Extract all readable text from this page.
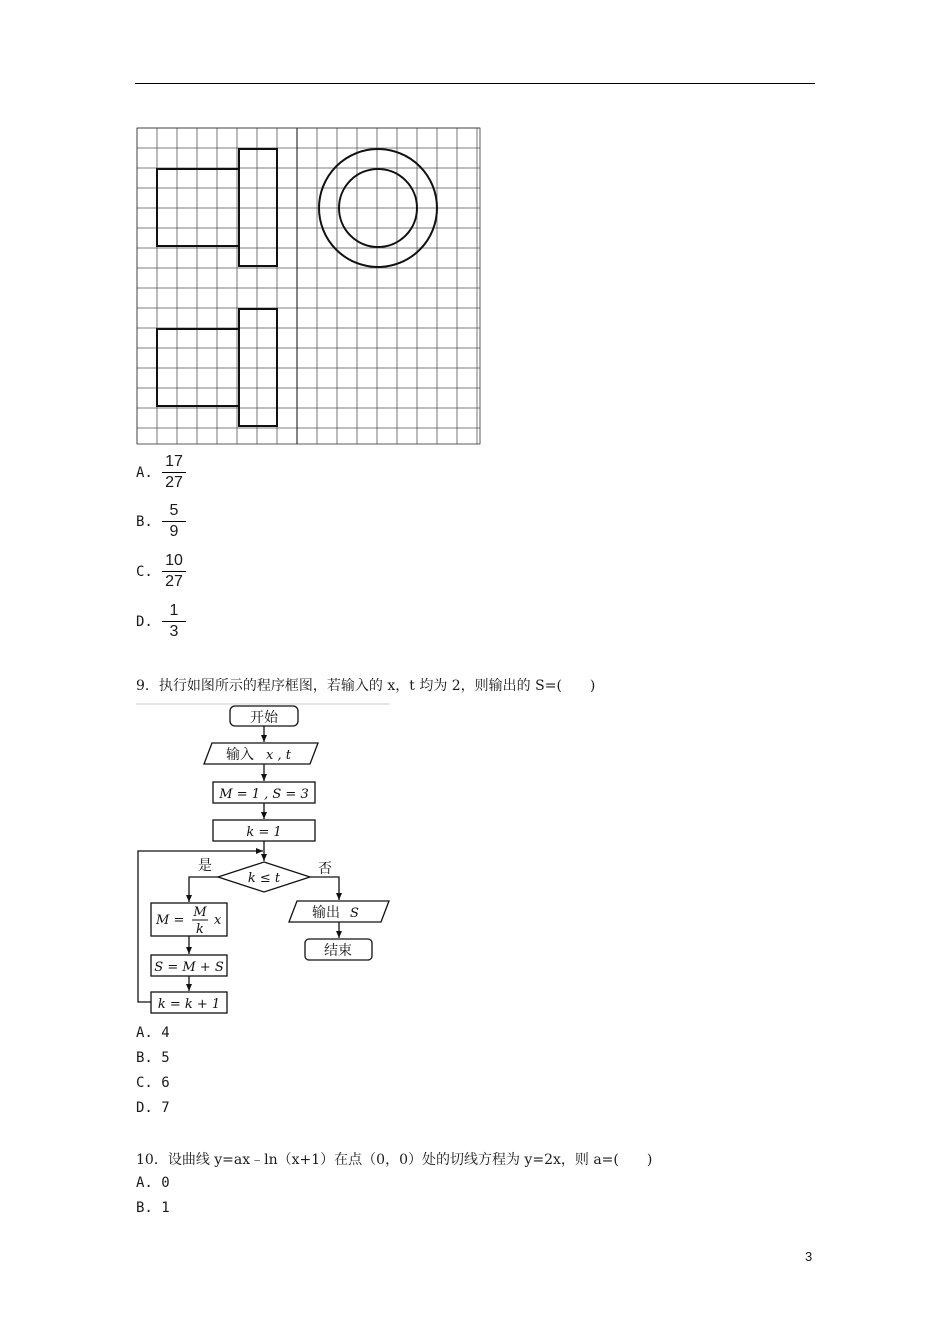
A.
17
27
B.
5
9
C.
10
27
D.
1
3
9．执行如图所示的程序框图，若输入的 x，t 均为 2，则输出的 S=(　　)
开始
输入 x , t
M = 1 , S = 3
k = 1
是	否
k ≤ t
M =
M
k
x
S = M + S
k = k + 1
输出 S
结束
A. 4
B. 5
C. 6
D. 7
10．设曲线 y=ax﹣ln（x+1）在点（0，0）处的切线方程为 y=2x，则 a=(　　)
A. 0
B. 1
3
